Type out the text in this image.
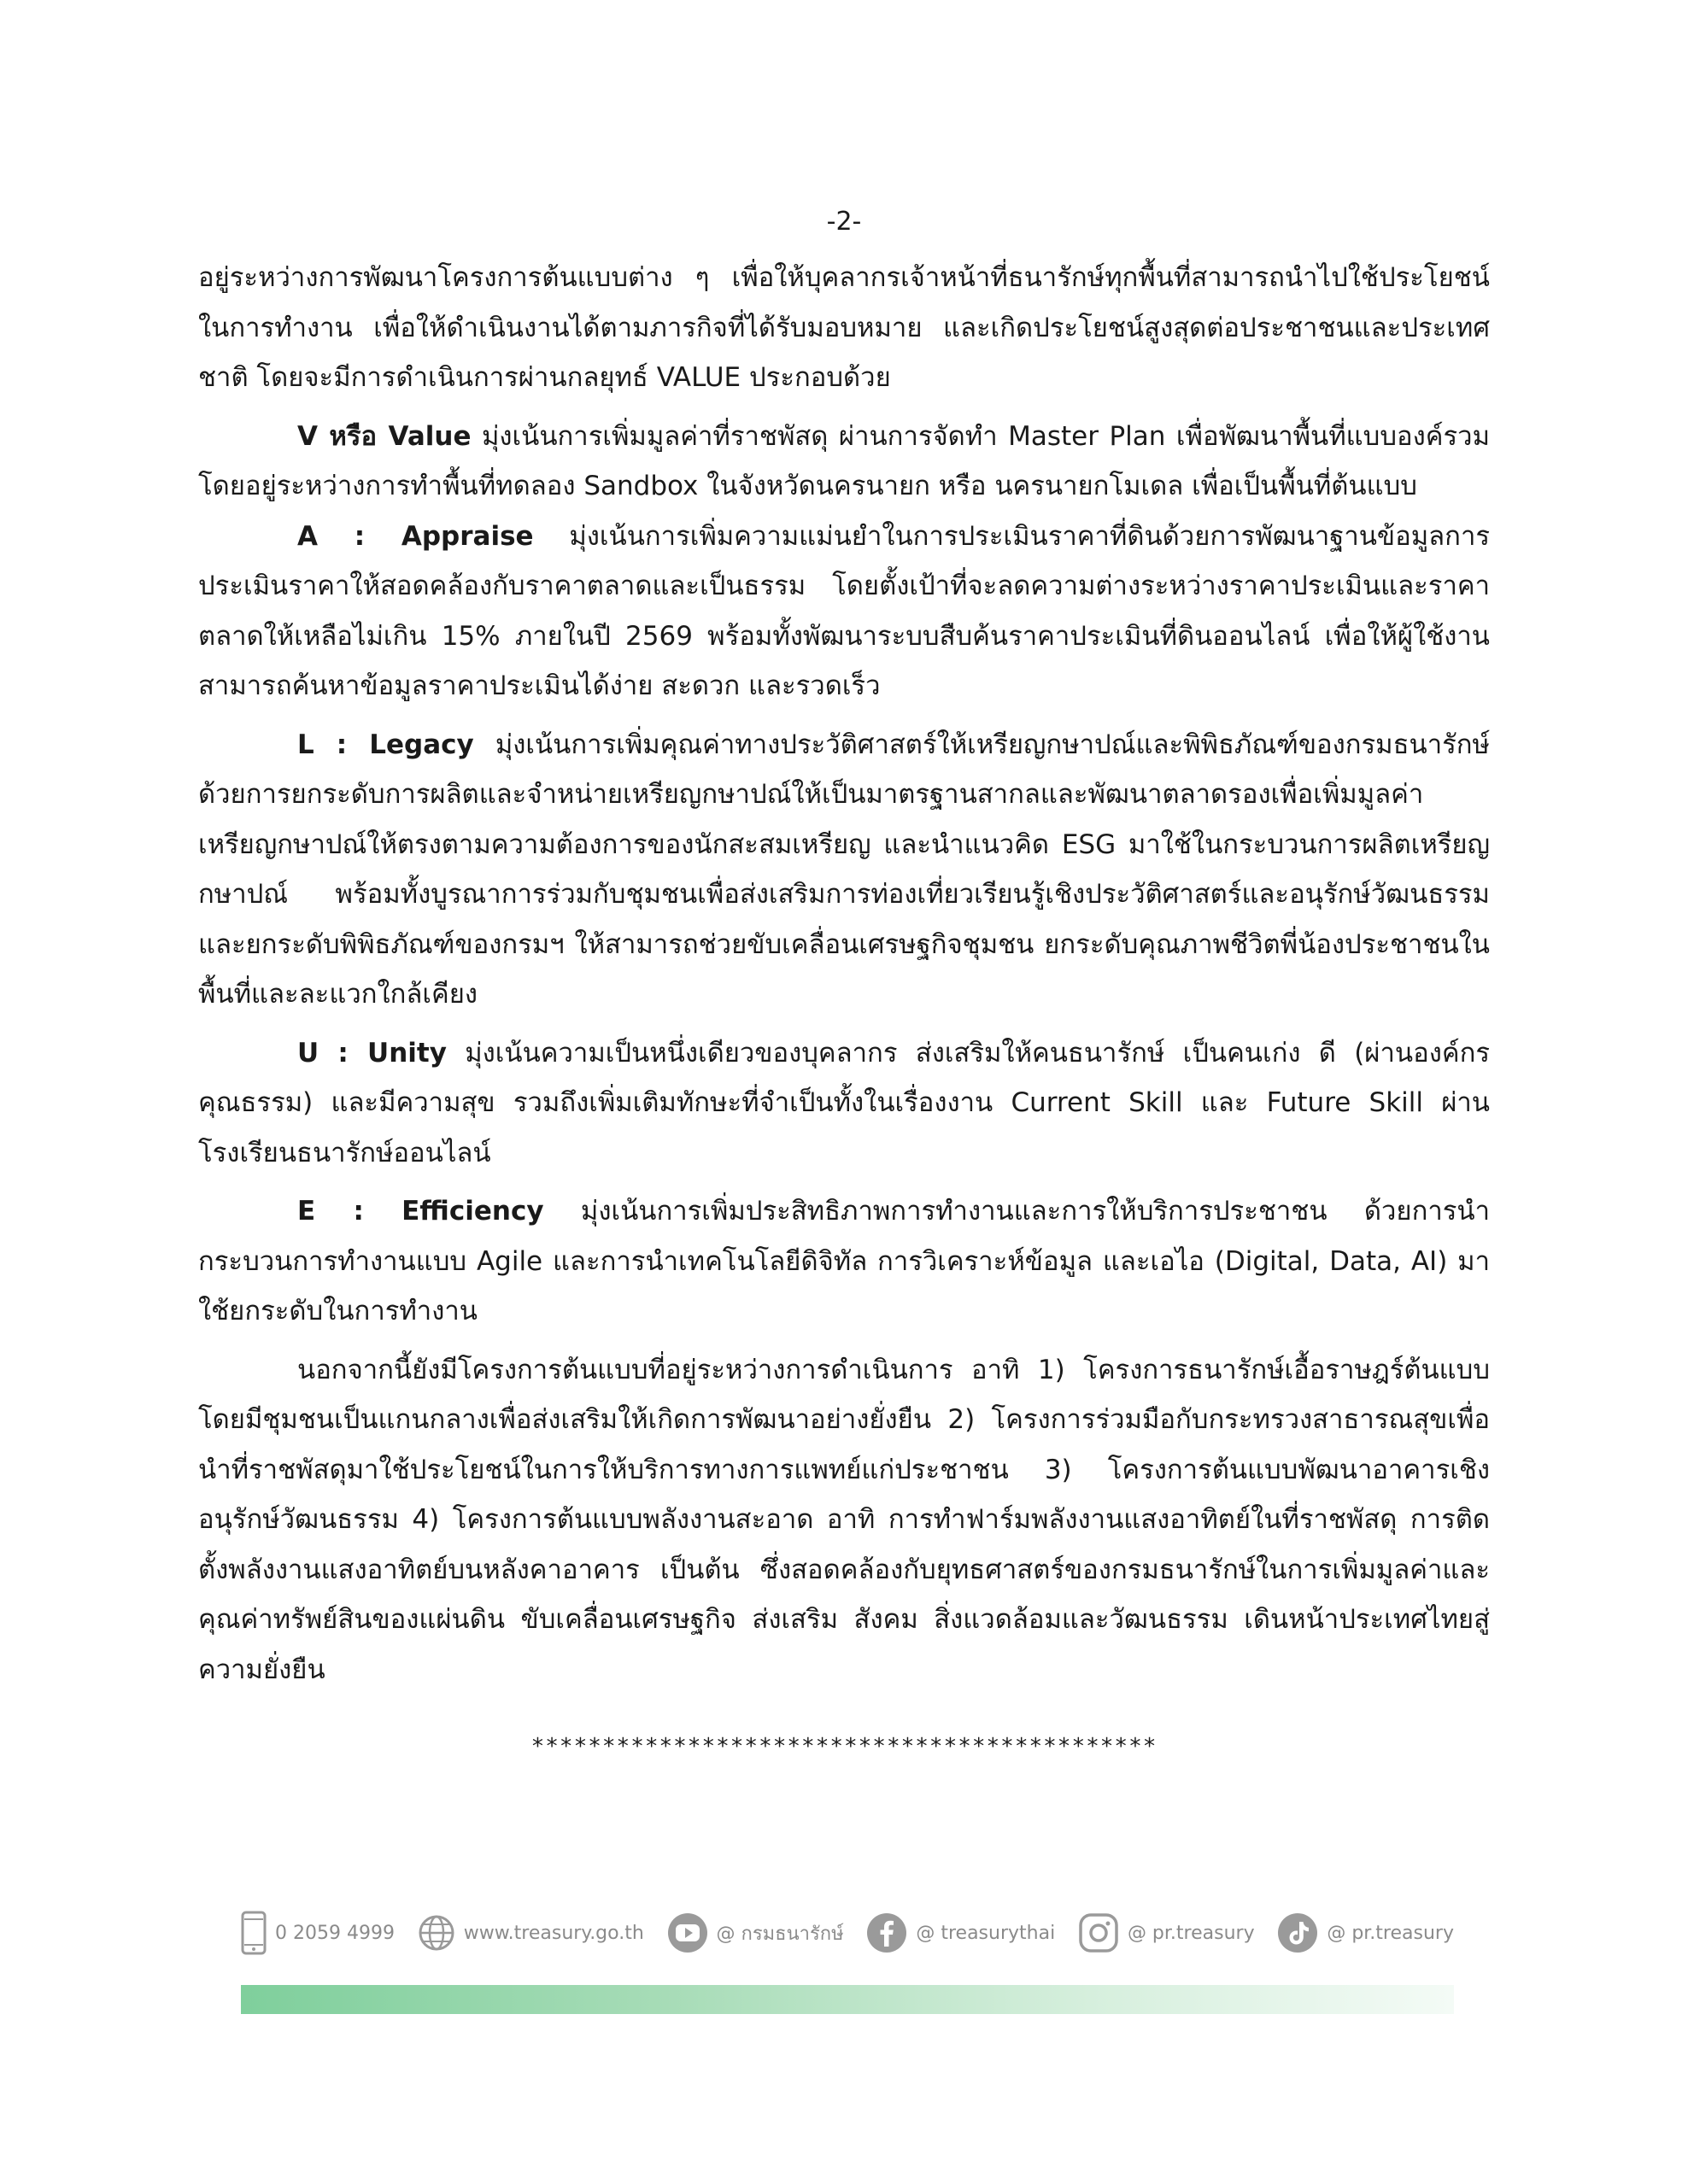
-2-

อยู่ระหว่างการพัฒนาโครงการต้นแบบต่าง ๆ เพื่อให้บุคลากรเจ้าหน้าที่ธนารักษ์ทุกพื้นที่สามารถนำไปใช้ประโยชน์ในการทำงาน เพื่อให้ดำเนินงานได้ตามภารกิจที่ได้รับมอบหมาย และเกิดประโยชน์สูงสุดต่อประชาชนและประเทศชาติ โดยจะมีการดำเนินการผ่านกลยุทธ์ VALUE ประกอบด้วย

V หรือ Value มุ่งเน้นการเพิ่มมูลค่าที่ราชพัสดุ ผ่านการจัดทำ Master Plan เพื่อพัฒนาพื้นที่แบบองค์รวม โดยอยู่ระหว่างการทำพื้นที่ทดลอง Sandbox ในจังหวัดนครนายก หรือ นครนายกโมเดล เพื่อเป็นพื้นที่ต้นแบบ

A : Appraise มุ่งเน้นการเพิ่มความแม่นยำในการประเมินราคาที่ดินด้วยการพัฒนาฐานข้อมูลการประเมินราคาให้สอดคล้องกับราคาตลาดและเป็นธรรม โดยตั้งเป้าที่จะลดความต่างระหว่างราคาประเมินและราคาตลาดให้เหลือไม่เกิน 15% ภายในปี 2569 พร้อมทั้งพัฒนาระบบสืบค้นราคาประเมินที่ดินออนไลน์ เพื่อให้ผู้ใช้งานสามารถค้นหาข้อมูลราคาประเมินได้ง่าย สะดวก และรวดเร็ว

L : Legacy มุ่งเน้นการเพิ่มคุณค่าทางประวัติศาสตร์ให้เหรียญกษาปณ์และพิพิธภัณฑ์ของกรมธนารักษ์ ด้วยการยกระดับการผลิตและจำหน่ายเหรียญกษาปณ์ให้เป็นมาตรฐานสากลและพัฒนาตลาดรองเพื่อเพิ่มมูลค่าเหรียญกษาปณ์ให้ตรงตามความต้องการของนักสะสมเหรียญ และนำแนวคิด ESG มาใช้ในกระบวนการผลิตเหรียญกษาปณ์ พร้อมทั้งบูรณาการร่วมกับชุมชนเพื่อส่งเสริมการท่องเที่ยวเรียนรู้เชิงประวัติศาสตร์และอนุรักษ์วัฒนธรรม และยกระดับพิพิธภัณฑ์ของกรมฯ ให้สามารถช่วยขับเคลื่อนเศรษฐกิจชุมชน ยกระดับคุณภาพชีวิตพี่น้องประชาชนในพื้นที่และละแวกใกล้เคียง

U : Unity มุ่งเน้นความเป็นหนึ่งเดียวของบุคลากร ส่งเสริมให้คนธนารักษ์ เป็นคนเก่ง ดี (ผ่านองค์กรคุณธรรม) และมีความสุข รวมถึงเพิ่มเติมทักษะที่จำเป็นทั้งในเรื่องงาน Current Skill และ Future Skill ผ่านโรงเรียนธนารักษ์ออนไลน์

E : Efficiency มุ่งเน้นการเพิ่มประสิทธิภาพการทำงานและการให้บริการประชาชน ด้วยการนำกระบวนการทำงานแบบ Agile และการนำเทคโนโลยีดิจิทัล การวิเคราะห์ข้อมูล และเอไอ (Digital, Data, AI) มาใช้ยกระดับในการทำงาน

นอกจากนี้ยังมีโครงการต้นแบบที่อยู่ระหว่างการดำเนินการ อาทิ 1) โครงการธนารักษ์เอื้อราษฎร์ต้นแบบโดยมีชุมชนเป็นแกนกลางเพื่อส่งเสริมให้เกิดการพัฒนาอย่างยั่งยืน 2) โครงการร่วมมือกับกระทรวงสาธารณสุขเพื่อนำที่ราชพัสดุมาใช้ประโยชน์ในการให้บริการทางการแพทย์แก่ประชาชน 3) โครงการต้นแบบพัฒนาอาคารเชิงอนุรักษ์วัฒนธรรม 4) โครงการต้นแบบพลังงานสะอาด อาทิ การทำฟาร์มพลังงานแสงอาทิตย์ในที่ราชพัสดุ การติดตั้งพลังงานแสงอาทิตย์บนหลังคาอาคาร เป็นต้น ซึ่งสอดคล้องกับยุทธศาสตร์ของกรมธนารักษ์ในการเพิ่มมูลค่าและคุณค่าทรัพย์สินของแผ่นดิน ขับเคลื่อนเศรษฐกิจ ส่งเสริม สังคม สิ่งแวดล้อมและวัฒนธรรม เดินหน้าประเทศไทยสู่ความยั่งยืน

********************************************
0 2059 4999	www.treasury.go.th	@ กรมธนารักษ์	@ treasurythai	@ pr.treasury	@ pr.treasury
